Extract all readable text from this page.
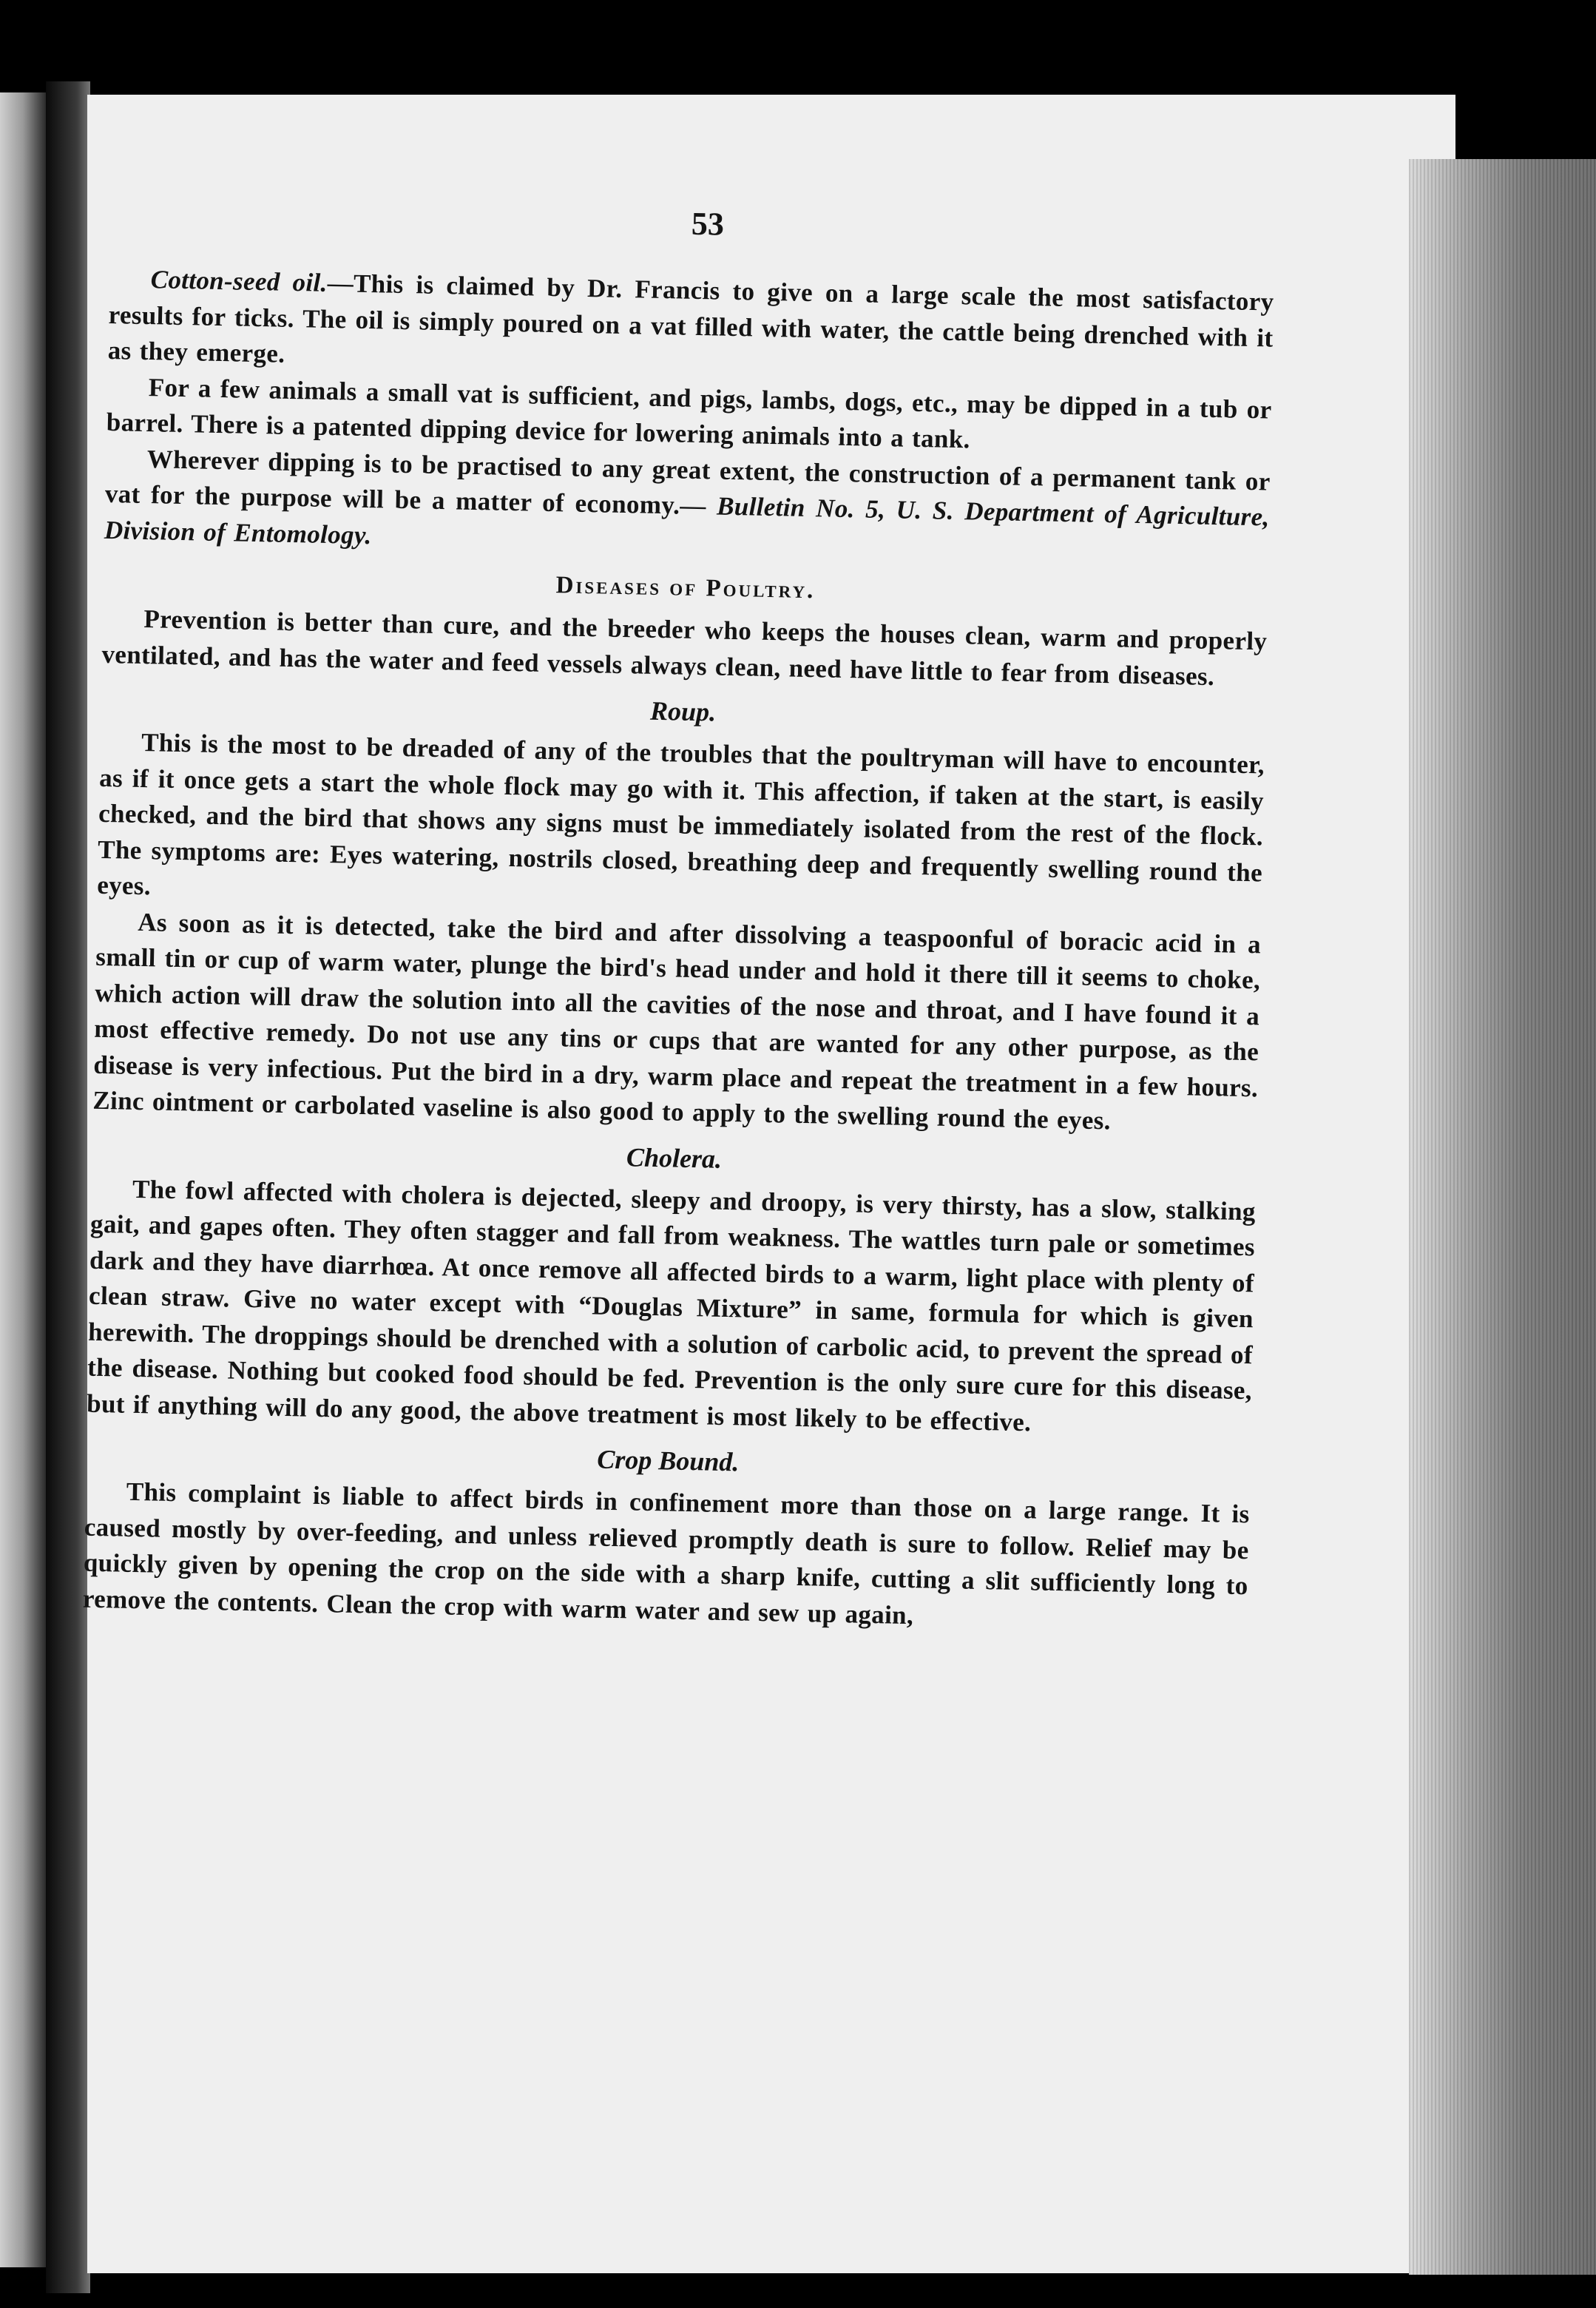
53

Cotton-seed oil.—This is claimed by Dr. Francis to give on a large scale the most satisfactory results for ticks. The oil is simply poured on a vat filled with water, the cattle being drenched with it as they emerge.

For a few animals a small vat is sufficient, and pigs, lambs, dogs, etc., may be dipped in a tub or barrel. There is a patented dipping device for lowering animals into a tank.

Wherever dipping is to be practised to any great extent, the construction of a permanent tank or vat for the purpose will be a matter of economy.— Bulletin No. 5, U. S. Department of Agriculture, Division of Entomology.

Diseases of Poultry.

Prevention is better than cure, and the breeder who keeps the houses clean, warm and properly ventilated, and has the water and feed vessels always clean, need have little to fear from diseases.

Roup.

This is the most to be dreaded of any of the troubles that the poultryman will have to encounter, as if it once gets a start the whole flock may go with it. This affection, if taken at the start, is easily checked, and the bird that shows any signs must be immediately isolated from the rest of the flock. The symptoms are: Eyes watering, nostrils closed, breathing deep and frequently swelling round the eyes.

As soon as it is detected, take the bird and after dissolving a teaspoonful of boracic acid in a small tin or cup of warm water, plunge the bird's head under and hold it there till it seems to choke, which action will draw the solution into all the cavities of the nose and throat, and I have found it a most effective remedy. Do not use any tins or cups that are wanted for any other purpose, as the disease is very infectious. Put the bird in a dry, warm place and repeat the treatment in a few hours. Zinc ointment or carbolated vaseline is also good to apply to the swelling round the eyes.

Cholera.

The fowl affected with cholera is dejected, sleepy and droopy, is very thirsty, has a slow, stalking gait, and gapes often. They often stagger and fall from weakness. The wattles turn pale or sometimes dark and they have diarrhœa. At once remove all affected birds to a warm, light place with plenty of clean straw. Give no water except with “Douglas Mixture” in same, formula for which is given herewith. The droppings should be drenched with a solution of carbolic acid, to prevent the spread of the disease. Nothing but cooked food should be fed. Prevention is the only sure cure for this disease, but if anything will do any good, the above treatment is most likely to be effective.

Crop Bound.

This complaint is liable to affect birds in confinement more than those on a large range. It is caused mostly by over-feeding, and unless relieved promptly death is sure to follow. Relief may be quickly given by opening the crop on the side with a sharp knife, cutting a slit sufficiently long to remove the contents. Clean the crop with warm water and sew up again,
